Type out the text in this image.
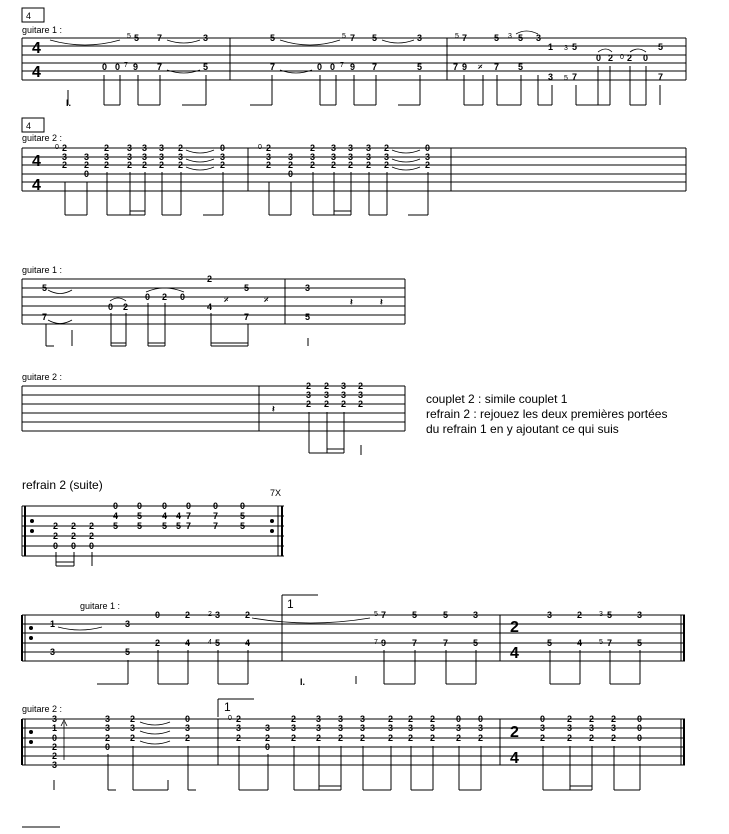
4
guitare 1 :
4
4
5 7	3
0 0 9 7	5
5
7
I.
5	7 5	3
7	0 0 9 7	5
5
7
7	5 5 3
5	3
9	7 5
7
1 3 5
3 5 7
0 2 0 2 0
5
7
𝄎
4
guitare 2 :
4
4
2	2 3 3 3 2	0
0
3 3 3 3 3 3 3	3
2 2 2 2 2 2 2	2
0
0 2	2 3 3 3 2	0
3 3 3 3 3 3 3	3
2 2 2 2 2 2 2	2
0
guitare 1 :
5
7
0 2
0 2 0
2
4
5
7
3
5
𝄎	𝄎	𝄽	𝄽
guitare 2 :
𝄽
2 2 3 2
3 3 3 3
2 2 2 2	couplet 2 : simile couplet 1
refrain 2 : rejouez les deux premières portées
du refrain 1 en y ajoutant ce qui suis
refrain 2 (suite)
7X
0 0 0 0 0 0
4 5 4 4 7 7 5
2 2 2 5 5 5 5 7 7 5
2 2 2
0 0 0
guitare 1 :	1
2
4
1	3
0	2	2 3	2	5 7	5	5	3	3	2 3 5	3
2	4	4 5	4	7 9	7	7	5	5	4 5 7	5
3	5
I.
guitare 2 :	1
2
4
3
1
0
2
2
3
3 2	0
3 3	3
2 2	2
0
0 2	2 3 3 3	2 2 2 0 0	0 2 2 2 0
3	3 3 3 3 3	3 3 3 3 3	3 3 3 3 0
2	2 2 2 2 2	2 2 2 2 2	2 2 2 2 0
0
